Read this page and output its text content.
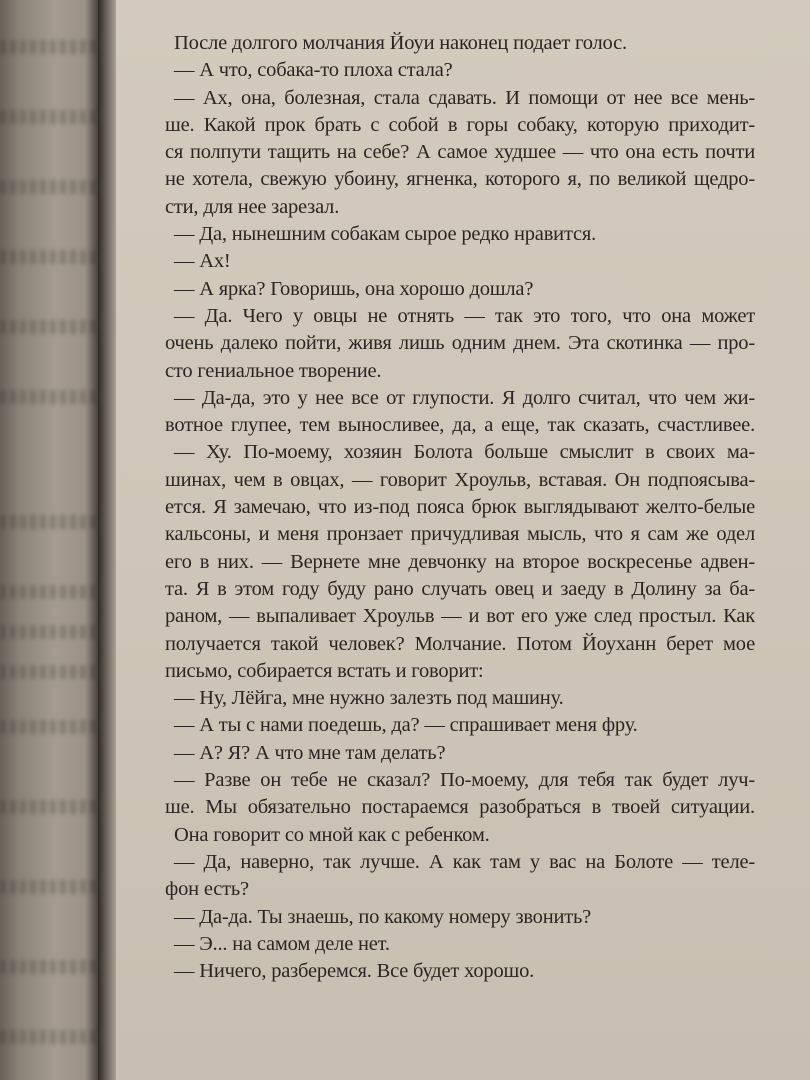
После долгого молчания Йоуи наконец подает голос.
— А что, собака-то плоха стала?
— Ах, она, болезная, стала сдавать. И помощи от нее все мень-
ше. Какой прок брать с собой в горы собаку, которую приходит-
ся полпути тащить на себе? А самое худшее — что она есть почти
не хотела, свежую убоину, ягненка, которого я, по великой щедро-
сти, для нее зарезал.
— Да, нынешним собакам сырое редко нравится.
— Ах!
— А ярка? Говоришь, она хорошо дошла?
— Да. Чего у овцы не отнять — так это того, что она может
очень далеко пойти, живя лишь одним днем. Эта скотинка — про-
сто гениальное творение.
— Да-да, это у нее все от глупости. Я долго считал, что чем жи-
вотное глупее, тем выносливее, да, а еще, так сказать, счастливее.
— Ху. По-моему, хозяин Болота больше смыслит в своих ма-
шинах, чем в овцах, — говорит Хроульв, вставая. Он подпоясыва-
ется. Я замечаю, что из-под пояса брюк выглядывают желто-белые
кальсоны, и меня пронзает причудливая мысль, что я сам же одел
его в них. — Вернете мне девчонку на второе воскресенье адвен-
та. Я в этом году буду рано случать овец и заеду в Долину за ба-
раном, — выпаливает Хроульв — и вот его уже след простыл. Как
получается такой человек? Молчание. Потом Йоуханн берет мое
письмо, собирается встать и говорит:
— Ну, Лёйга, мне нужно залезть под машину.
— А ты с нами поедешь, да? — спрашивает меня фру.
— А? Я? А что мне там делать?
— Разве он тебе не сказал? По-моему, для тебя так будет луч-
ше. Мы обязательно постараемся разобраться в твоей ситуации.
Она говорит со мной как с ребенком.
— Да, наверно, так лучше. А как там у вас на Болоте — теле-
фон есть?
— Да-да. Ты знаешь, по какому номеру звонить?
— Э... на самом деле нет.
— Ничего, разберемся. Все будет хорошо.
